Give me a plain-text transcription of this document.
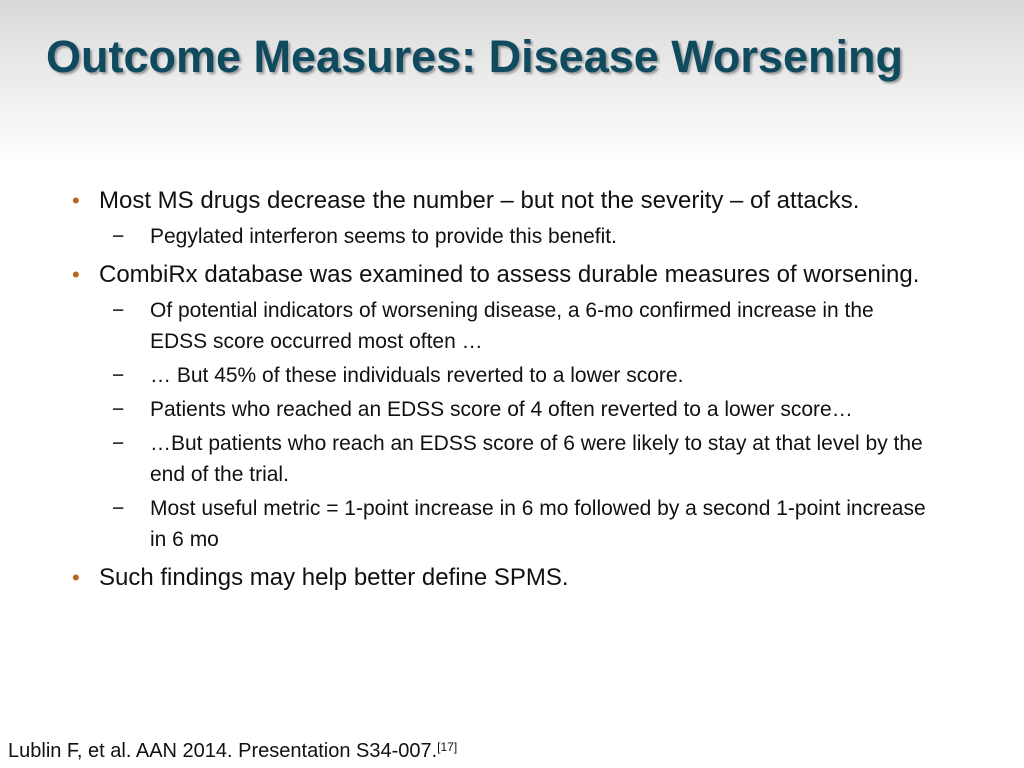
Outcome Measures: Disease Worsening
• Most MS drugs decrease the number – but not the severity – of attacks.
− Pegylated interferon seems to provide this benefit.
• CombiRx database was examined to assess durable measures of worsening.
− Of potential indicators of worsening disease, a 6-mo confirmed increase in the EDSS score occurred most often …
− … But 45% of these individuals reverted to a lower score.
− Patients who reached an EDSS score of 4 often reverted to a lower score…
− …But patients who reach an EDSS score of 6 were likely to stay at that level by the end of the trial.
− Most useful metric = 1-point increase in 6 mo followed by a second 1-point increase in 6 mo
• Such findings may help better define SPMS.
Lublin F, et al. AAN 2014. Presentation S34-007.[17]
